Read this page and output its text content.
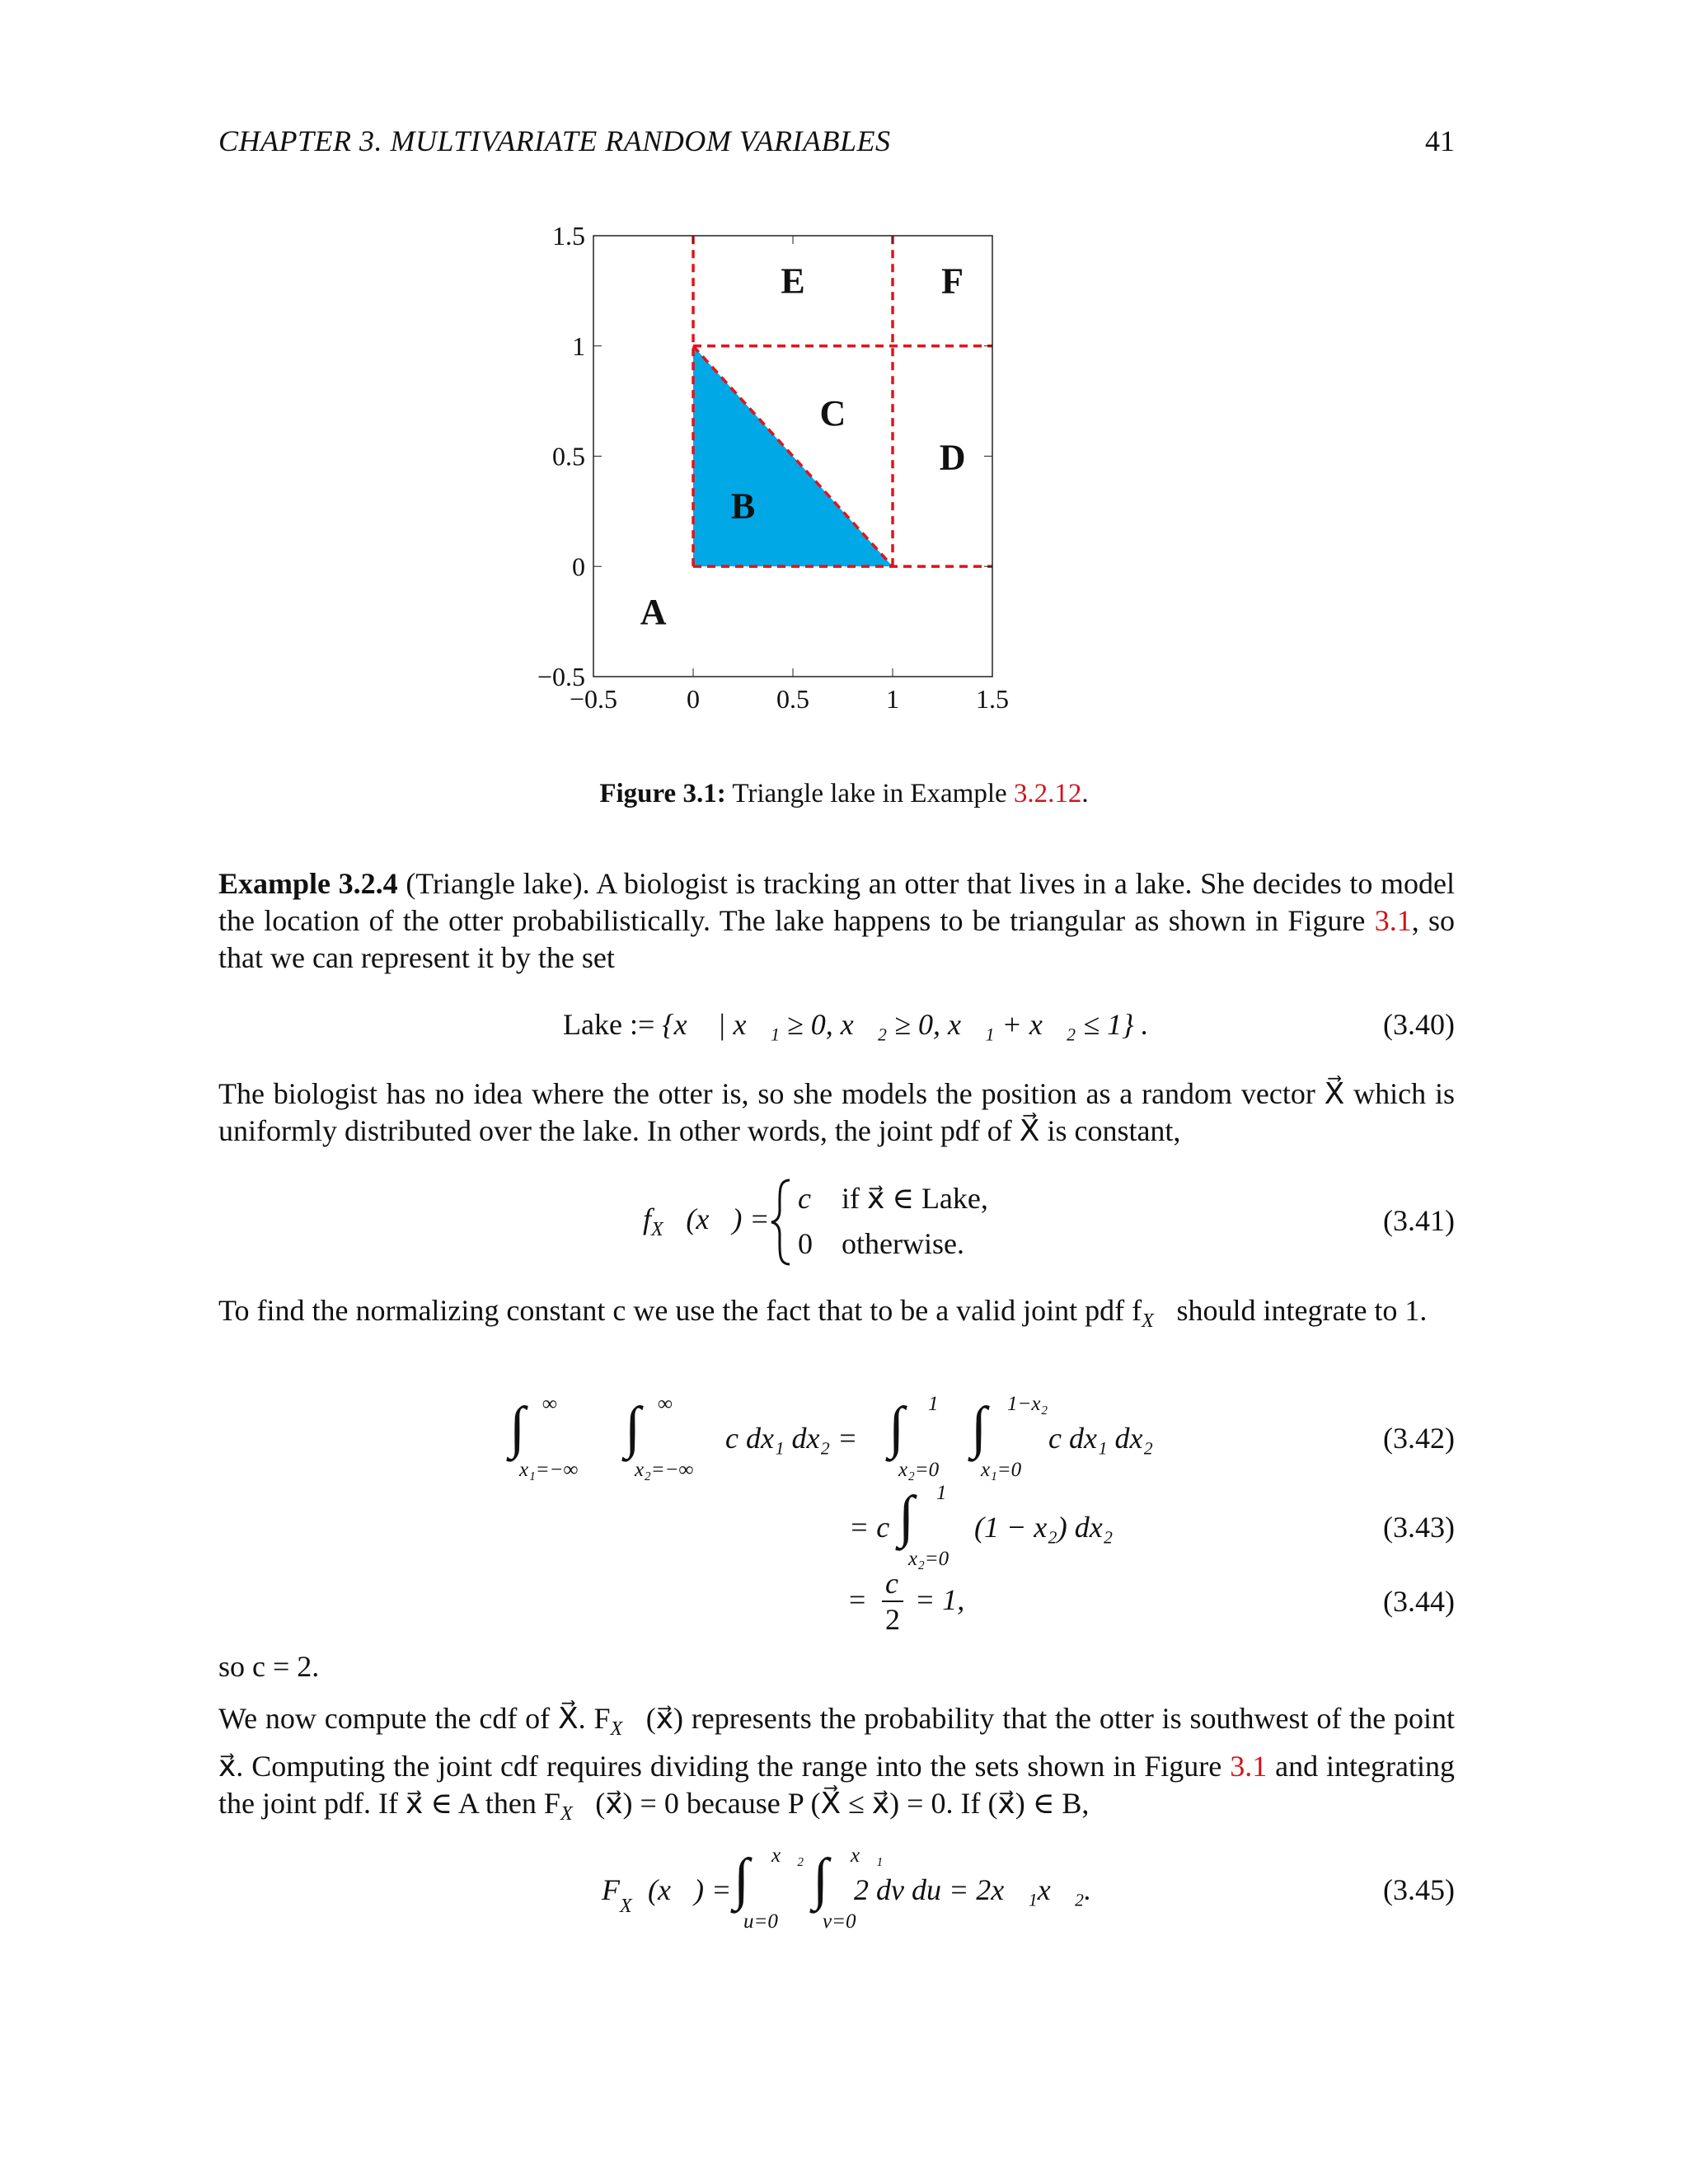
CHAPTER 3. MULTIVARIATE RANDOM VARIABLES	41
−0.5	0	0.5	1	1.5
−0.5
0
0.5
1
1.5
A
B
C
D
E	F
Figure 3.1: Triangle lake in Example 3.2.12.
Example 3.2.4 (Triangle lake). A biologist is tracking an otter that lives in a lake. She decides to model the location of the otter probabilistically. The lake happens to be triangular as shown in Figure 3.1, so that we can represent it by the set
Lake := {x⃗ | x⃗₁ ≥ 0, x⃗₂ ≥ 0, x⃗₁ + x⃗₂ ≤ 1} .	(3.40)
The biologist has no idea where the otter is, so she models the position as a random vector X⃗ which is uniformly distributed over the lake. In other words, the joint pdf of X⃗ is constant,
$f_{X⃗}$ (x⃗) =
c if x⃗ ∈ Lake,
0 otherwise.
(3.41)
To find the normalizing constant c we use the fact that to be a valid joint pdf $f_{X⃗}$ should integrate to 1.
∫ ∞
x₁=−∞
∫ ∞
x₂=−∞
c dx₁ dx₂ = ∫ 1
x₂=0
∫ 1−x₂
x₁=0
c dx₁ dx₂	(3.42)
= c ∫ 1
x₂=0
(1 − x₂) dx₂	(3.43)
= c
2
= 1,	(3.44)
so c = 2.
We now compute the cdf of X⃗. $F_{X⃗}$ (x⃗) represents the probability that the otter is southwest of the point x⃗. Computing the joint cdf requires dividing the range into the sets shown in Figure 3.1 and integrating the joint pdf. If x⃗ ∈ A then $F_{X⃗}$ (x⃗) = 0 because P (X⃗ ≤ x⃗) = 0. If (x⃗) ∈ B,
F X⃗ (x⃗) = ∫ x⃗₂
u=0
∫ x⃗₁
v=0
2 dv du = 2x⃗₁x⃗₂.	(3.45)
